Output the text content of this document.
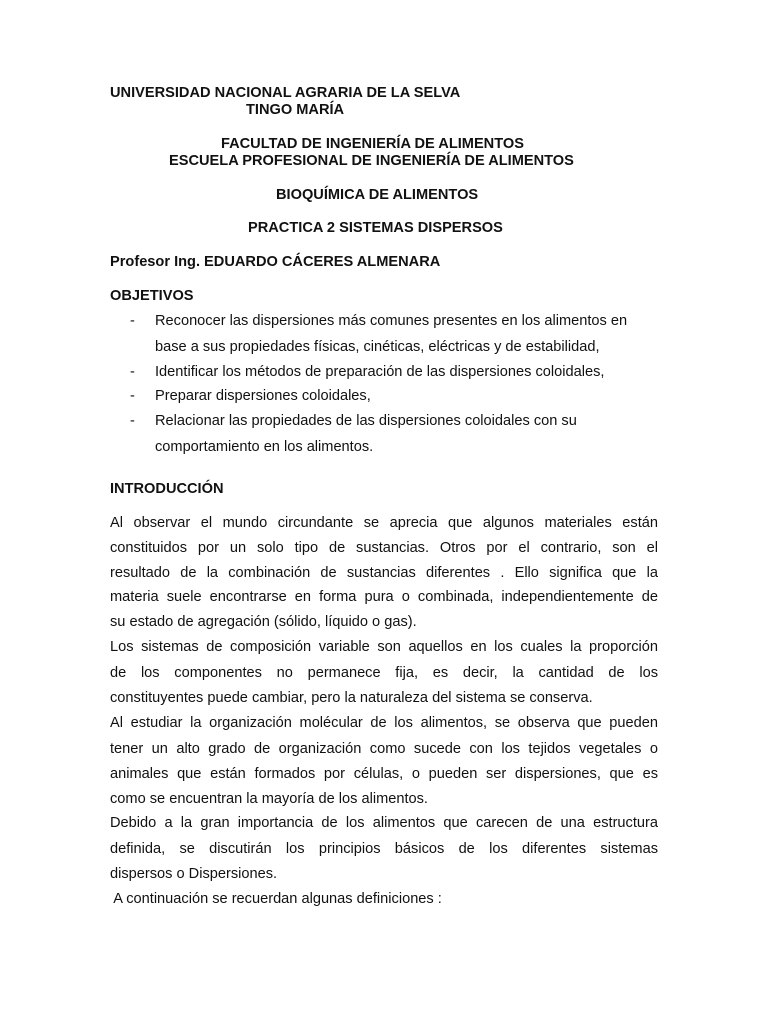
UNIVERSIDAD NACIONAL AGRARIA DE LA SELVA
TINGO MARÍA
FACULTAD DE INGENIERÍA DE ALIMENTOS
ESCUELA PROFESIONAL DE INGENIERÍA DE ALIMENTOS
BIOQUÍMICA DE ALIMENTOS
PRACTICA 2 SISTEMAS DISPERSOS
Profesor Ing. EDUARDO CÁCERES ALMENARA
OBJETIVOS
- Reconocer las dispersiones más comunes presentes en los alimentos en
base a sus propiedades físicas, cinéticas, eléctricas y de estabilidad,
- Identificar los métodos de preparación de las dispersiones coloidales,
- Preparar dispersiones coloidales,
- Relacionar las propiedades de las dispersiones coloidales con su
comportamiento en los alimentos.
INTRODUCCIÓN
Al observar el mundo circundante se aprecia que algunos materiales están
constituidos por un solo tipo de sustancias. Otros por el contrario, son el
resultado de la combinación de sustancias diferentes . Ello significa que la
materia suele encontrarse en forma pura o combinada, independientemente de
su estado de agregación (sólido, líquido o gas).
Los sistemas de composición variable son aquellos en los cuales la proporción
de los componentes no permanece fija, es decir, la cantidad de los
constituyentes puede cambiar, pero la naturaleza del sistema se conserva.
Al estudiar la organización molécular de los alimentos, se observa que pueden
tener un alto grado de organización como sucede con los tejidos vegetales o
animales que están formados por células, o pueden ser dispersiones, que es
como se encuentran la mayoría de los alimentos.
Debido a la gran importancia de los alimentos que carecen de una estructura
definida, se discutirán los principios básicos de los diferentes sistemas
dispersos o Dispersiones.
A continuación se recuerdan algunas definiciones :
